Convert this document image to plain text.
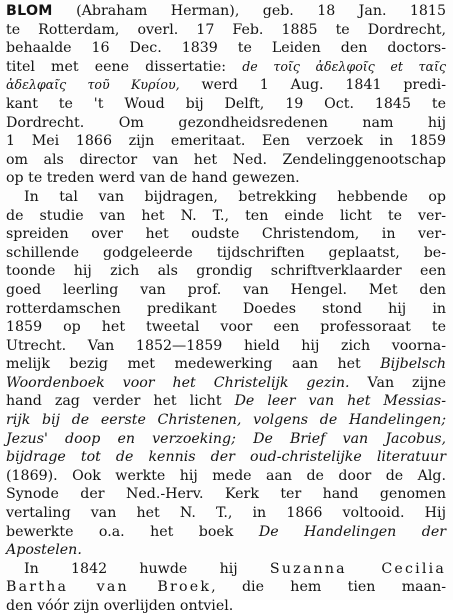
BLOM (Abraham Herman), geb. 18 Jan. 1815
te Rotterdam, overl. 17 Feb. 1885 te Dordrecht,
behaalde 16 Dec. 1839 te Leiden den doctors-
titel met eene dissertatie: de τοῖς ἀδελφοῖς et ταῖς
ἀδελφαῖς τοῦ Κυρίου, werd 1 Aug. 1841 predi-
kant te 't Woud bij Delft, 19 Oct. 1845 te
Dordrecht. Om gezondheidsredenen nam hij
1 Mei 1866 zijn emeritaat. Een verzoek in 1859
om als director van het Ned. Zendelinggenootschap
op te treden werd van de hand gewezen.
In tal van bijdragen, betrekking hebbende op
de studie van het N. T., ten einde licht te ver-
spreiden over het oudste Christendom, in ver-
schillende godgeleerde tijdschriften geplaatst, be-
toonde hij zich als grondig schriftverklaarder een
goed leerling van prof. van Hengel. Met den
rotterdamschen predikant Doedes stond hij in
1859 op het tweetal voor een professoraat te
Utrecht. Van 1852—1859 hield hij zich voorna-
melijk bezig met medewerking aan het Bijbelsch
Woordenboek voor het Christelijk gezin. Van zijne
hand zag verder het licht De leer van het Messias-
rijk bij de eerste Christenen, volgens de Handelingen;
Jezus' doop en verzoeking; De Brief van Jacobus,
bijdrage tot de kennis der oud-christelijke literatuur
(1869). Ook werkte hij mede aan de door de Alg.
Synode der Ned.-Herv. Kerk ter hand genomen
vertaling van het N. T., in 1866 voltooid. Hij
bewerkte o.a. het boek De Handelingen der
Apostelen.
In 1842 huwde hij Suzanna Cecilia
Bartha van Broek, die hem tien maan-
den vóór zijn overlijden ontviel.
